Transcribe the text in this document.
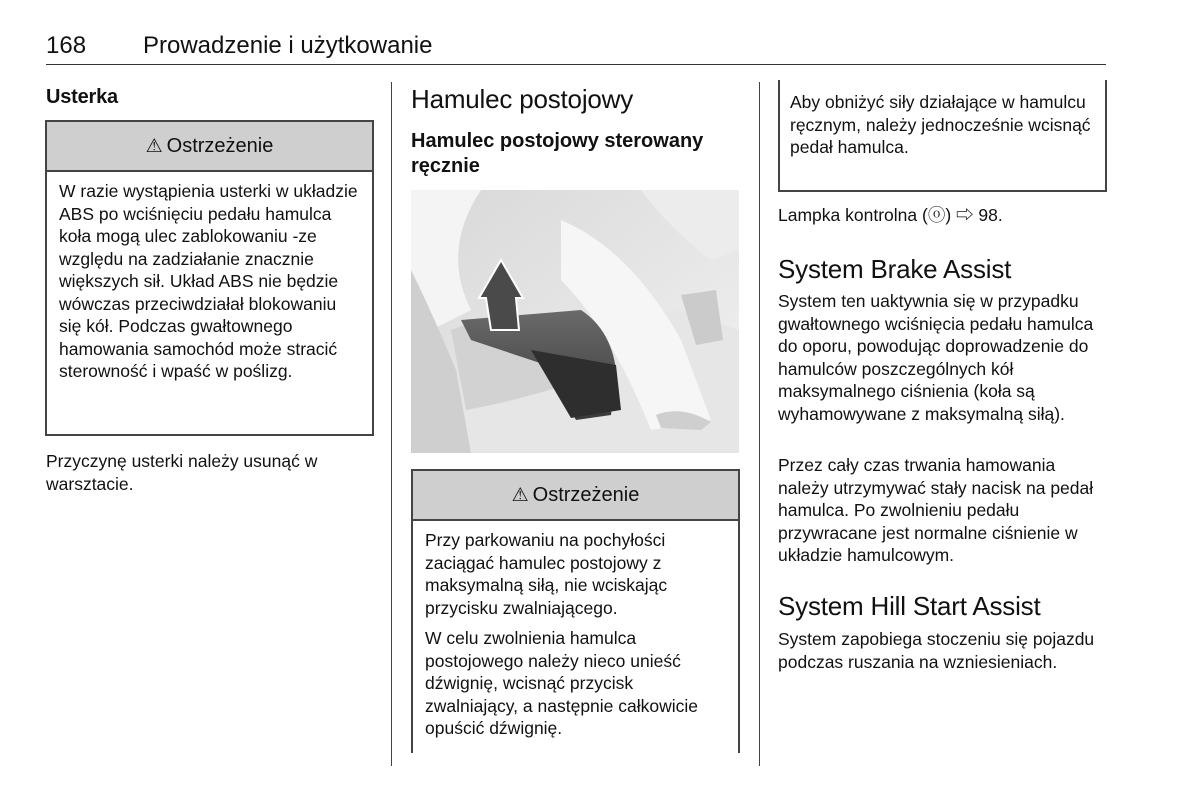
168 Prowadzenie i użytkowanie
Usterka
⚠ Ostrzeżenie
W razie wystąpienia usterki w układzie ABS po wciśnięciu pedału hamulca koła mogą ulec zablokowaniu -ze względu na zadziałanie znacznie większych sił. Układ ABS nie będzie wówczas przeciwdziałał blokowaniu się kół. Podczas gwałtownego hamowania samochód może stracić sterowność i wpaść w poślizg.
Przyczynę usterki należy usunąć w warsztacie.
Hamulec postojowy
Hamulec postojowy sterowany ręcznie
⚠ Ostrzeżenie

Przy parkowaniu na pochyłości zaciągać hamulec postojowy z maksymalną siłą, nie wciskając przycisku zwalniającego.

W celu zwolnienia hamulca postojowego należy nieco unieść dźwignię, wcisnąć przycisk zwalniający, a następnie całkowicie opuścić dźwignię.

Aby obniżyć siły działające w hamulcu ręcznym, należy jednocześnie wcisnąć pedał hamulca.
Lampka kontrolna (ⓞ) ⇨ 98.
System Brake Assist
System ten uaktywnia się w przypadku gwałtownego wciśnięcia pedału hamulca do oporu, powodując doprowadzenie do hamulców poszczególnych kół maksymalnego ciśnienia (koła są wyhamowywane z maksymalną siłą).
Przez cały czas trwania hamowania należy utrzymywać stały nacisk na pedał hamulca. Po zwolnieniu pedału przywracane jest normalne ciśnienie w układzie hamulcowym.
System Hill Start Assist
System zapobiega stoczeniu się pojazdu podczas ruszania na wzniesieniach.
